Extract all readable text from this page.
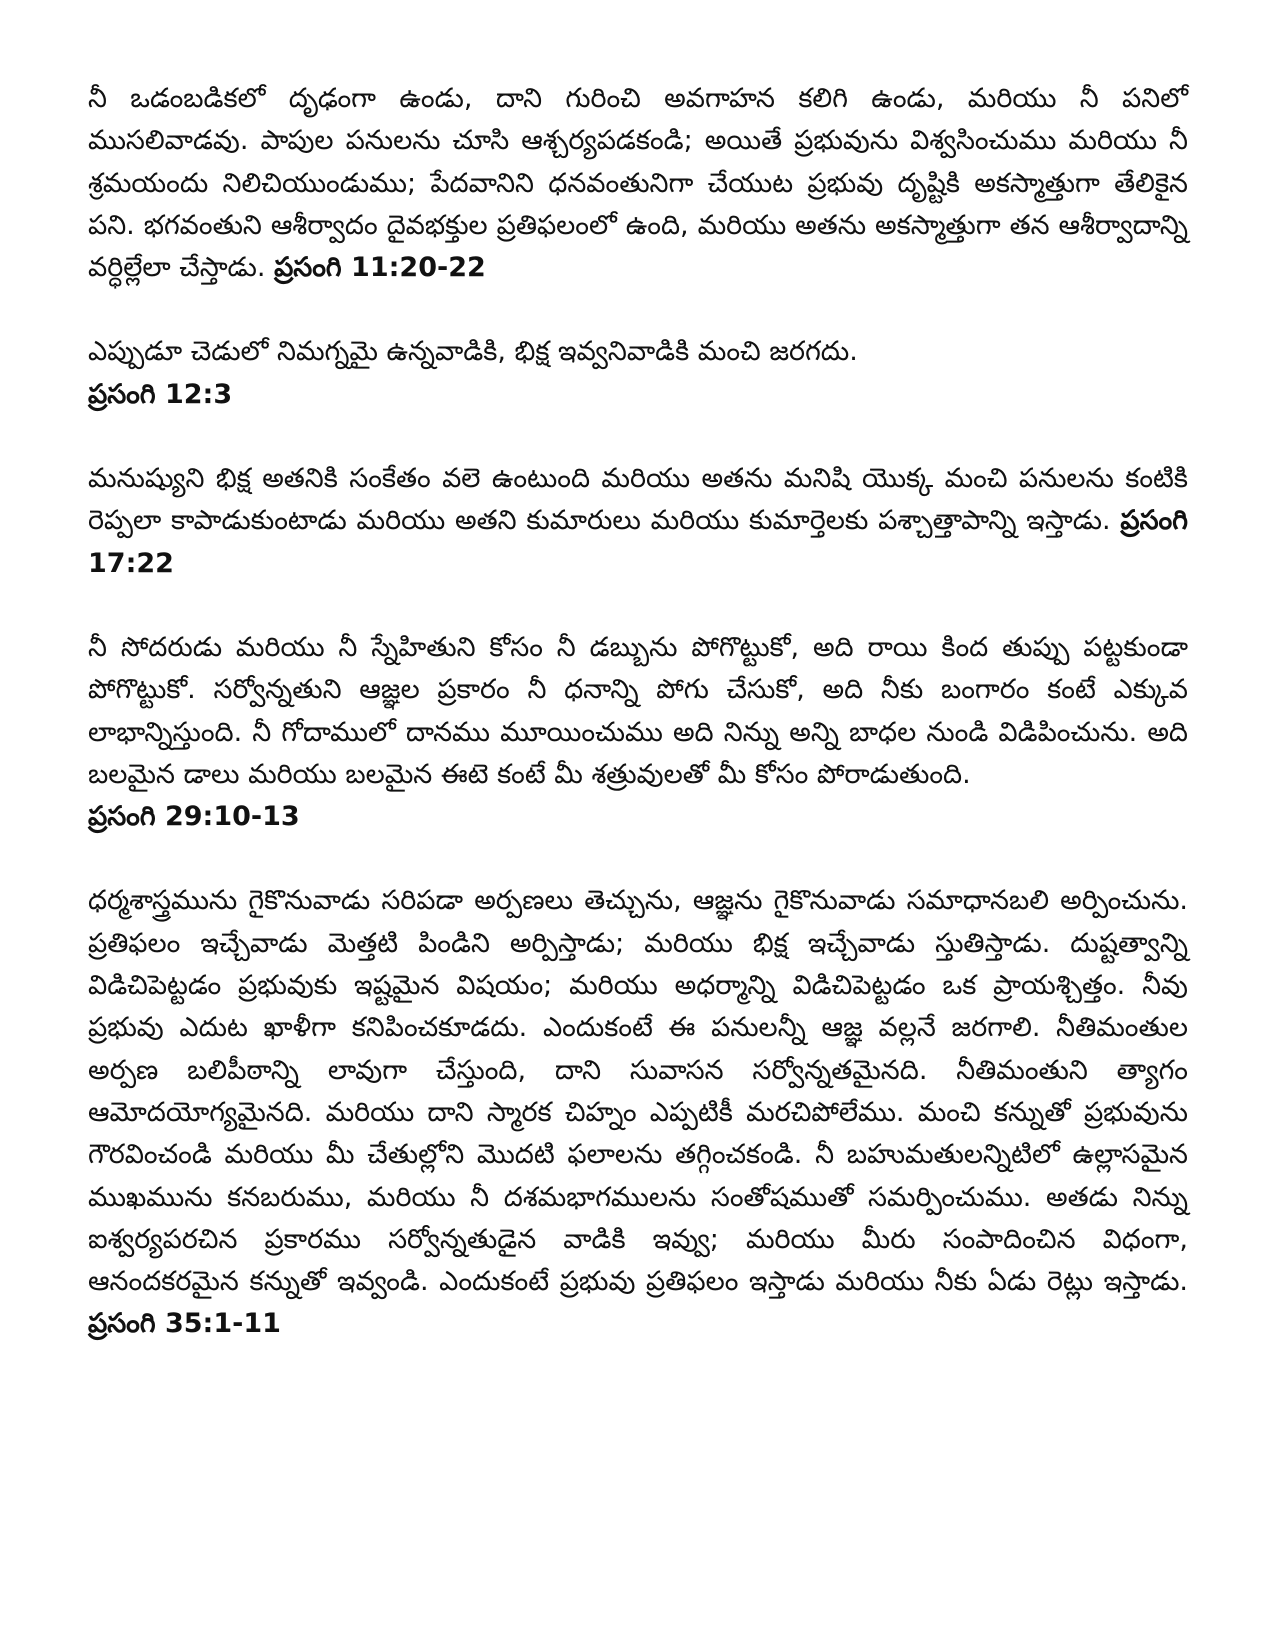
నీ ఒడంబడికలో దృఢంగా ఉండు, దాని గురించి అవగాహన కలిగి ఉండు, మరియు నీ పనిలో ముసలివాడవు. పాపుల పనులను చూసి ఆశ్చర్యపడకండి; అయితే ప్రభువును విశ్వసించుము మరియు నీ శ్రమయందు నిలిచియుండుము; పేదవానిని ధనవంతునిగా చేయుట ప్రభువు దృష్టికి అకస్మాత్తుగా తేలికైన పని. భగవంతుని ఆశీర్వాదం దైవభక్తుల ప్రతిఫలంలో ఉంది, మరియు అతను అకస్మాత్తుగా తన ఆశీర్వాదాన్ని వర్ధిల్లేలా చేస్తాడు. ప్రసంగి 11:20-22

ఎప్పుడూ చెడులో నిమగ్నమై ఉన్నవాడికి, భిక్ష ఇవ్వనివాడికి మంచి జరగదు.
ప్రసంగి 12:3

మనుష్యుని భిక్ష అతనికి సంకేతం వలె ఉంటుంది మరియు అతను మనిషి యొక్క మంచి పనులను కంటికి రెప్పలా కాపాడుకుంటాడు మరియు అతని కుమారులు మరియు కుమార్తెలకు పశ్చాత్తాపాన్ని ఇస్తాడు. ప్రసంగి 17:22

నీ సోదరుడు మరియు నీ స్నేహితుని కోసం నీ డబ్బును పోగొట్టుకో, అది రాయి కింద తుప్పు పట్టకుండా పోగొట్టుకో. సర్వోన్నతుని ఆజ్ఞల ప్రకారం నీ ధనాన్ని పోగు చేసుకో, అది నీకు బంగారం కంటే ఎక్కువ లాభాన్నిస్తుంది. నీ గోదాములో దానము మూయించుము అది నిన్ను అన్ని బాధల నుండి విడిపించును. అది బలమైన డాలు మరియు బలమైన ఈటె కంటే మీ శత్రువులతో మీ కోసం పోరాడుతుంది.
ప్రసంగి 29:10-13

ధర్మశాస్త్రమును గైకొనువాడు సరిపడా అర్పణలు తెచ్చును, ఆజ్ఞను గైకొనువాడు సమాధానబలి అర్పించును. ప్రతిఫలం ఇచ్చేవాడు మెత్తటి పిండిని అర్పిస్తాడు; మరియు భిక్ష ఇచ్చేవాడు స్తుతిస్తాడు. దుష్టత్వాన్ని విడిచిపెట్టడం ప్రభువుకు ఇష్టమైన విషయం; మరియు అధర్మాన్ని విడిచిపెట్టడం ఒక ప్రాయశ్చిత్తం. నీవు ప్రభువు ఎదుట ఖాళీగా కనిపించకూడదు. ఎందుకంటే ఈ పనులన్నీ ఆజ్ఞ వల్లనే జరగాలి. నీతిమంతుల అర్పణ బలిపీఠాన్ని లావుగా చేస్తుంది, దాని సువాసన సర్వోన్నతమైనది. నీతిమంతుని త్యాగం ఆమోదయోగ్యమైనది. మరియు దాని స్మారక చిహ్నం ఎప్పటికీ మరచిపోలేము. మంచి కన్నుతో ప్రభువును గౌరవించండి మరియు మీ చేతుల్లోని మొదటి ఫలాలను తగ్గించకండి. నీ బహుమతులన్నిటిలో ఉల్లాసమైన ముఖమును కనబరుము, మరియు నీ దశమభాగములను సంతోషముతో సమర్పించుము. అతడు నిన్ను ఐశ్వర్యపరచిన ప్రకారము సర్వోన్నతుడైన వాడికి ఇవ్వు; మరియు మీరు సంపాదించిన విధంగా, ఆనందకరమైన కన్నుతో ఇవ్వండి. ఎందుకంటే ప్రభువు ప్రతిఫలం ఇస్తాడు మరియు నీకు ఏడు రెట్లు ఇస్తాడు. ప్రసంగి 35:1-11
